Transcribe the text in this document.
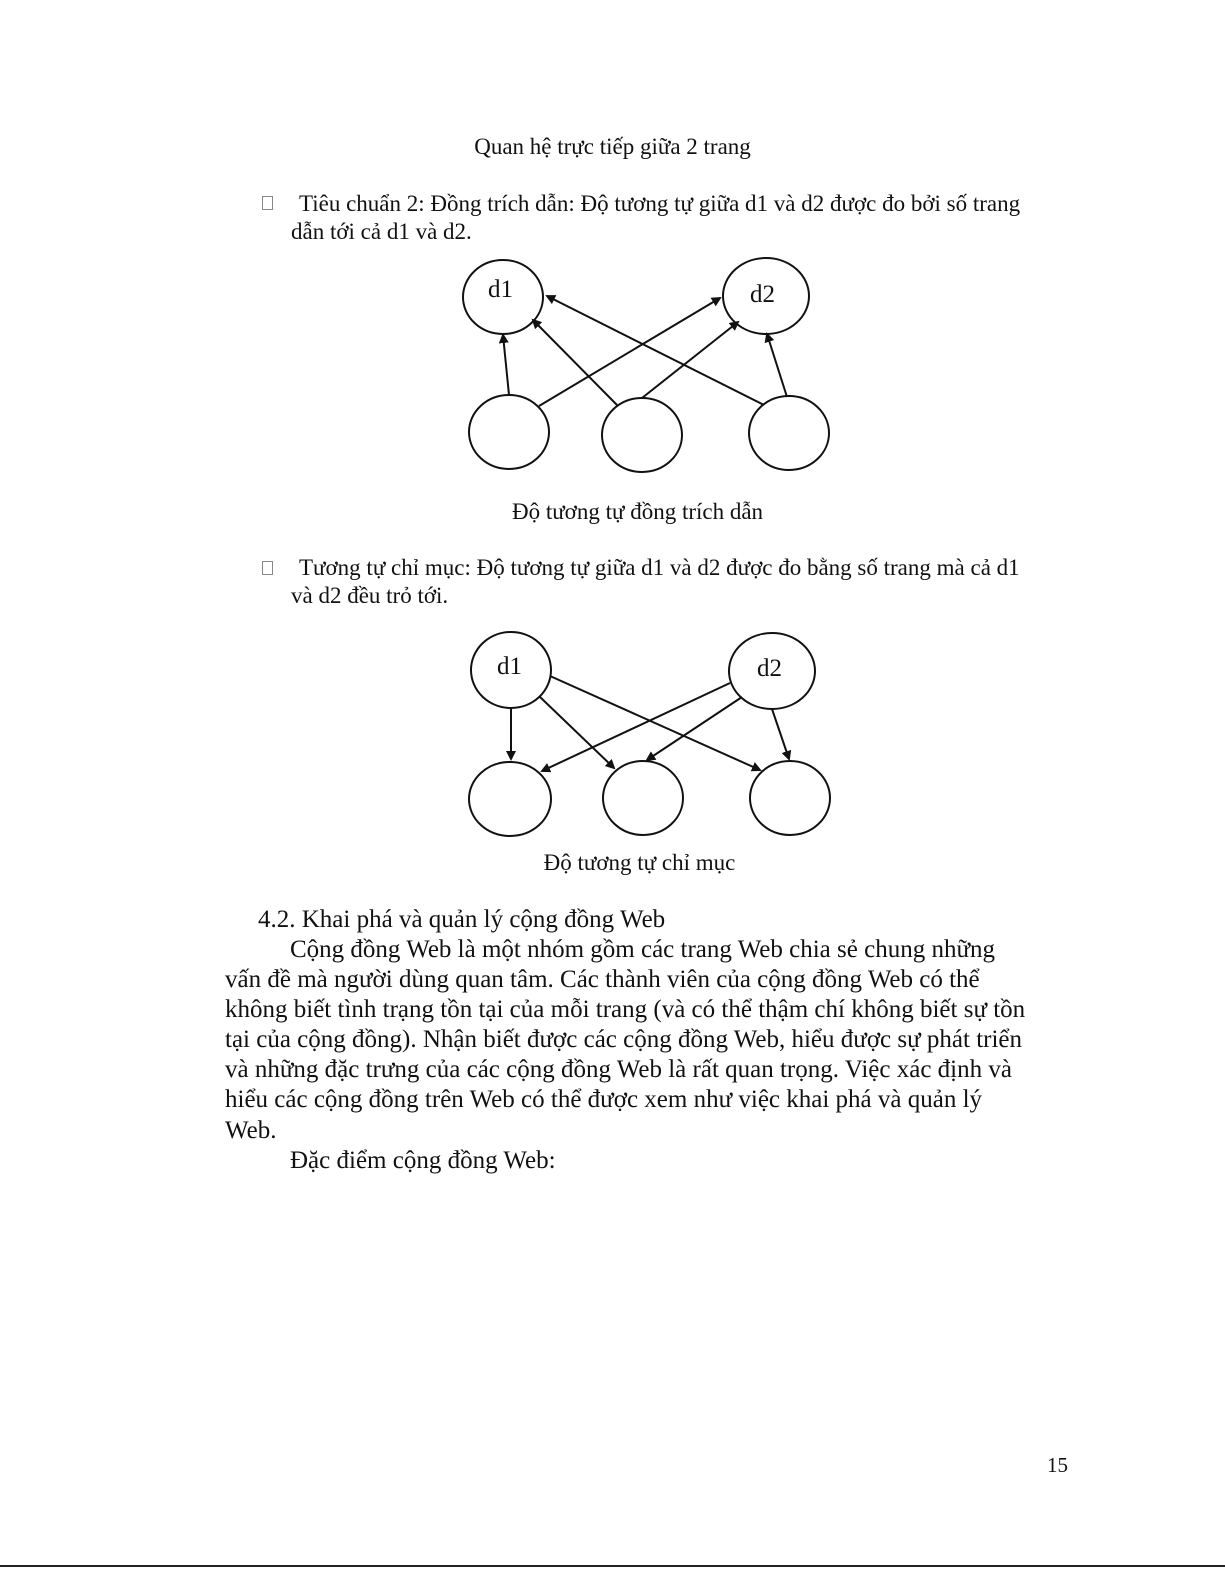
Quan hệ trực tiếp giữa 2 trang
Tiêu chuẩn 2: Đồng trích dẫn: Độ tương tự giữa d1 và d2 được đo bởi số trang
dẫn tới cả d1 và d2.
d1	d2
Độ tương tự đồng trích dẫn
Tương tự chỉ mục: Độ tương tự giữa d1 và d2 được đo bằng số trang mà cả d1
và d2 đều trỏ tới.
d1	d2
Độ tương tự chỉ mục
4.2. Khai phá và quản lý cộng đồng Web
Cộng đồng Web là một nhóm gồm các trang Web chia sẻ chung những
vấn đề mà người dùng quan tâm. Các thành viên của cộng đồng Web có thể
không biết tình trạng tồn tại của mỗi trang (và có thể thậm chí không biết sự tồn
tại của cộng đồng). Nhận biết được các cộng đồng Web, hiểu được sự phát triển
và những đặc trưng của các cộng đồng Web là rất quan trọng. Việc xác định và
hiểu các cộng đồng trên Web có thể được xem như việc khai phá và quản lý
Web.
Đặc điểm cộng đồng Web:
15
